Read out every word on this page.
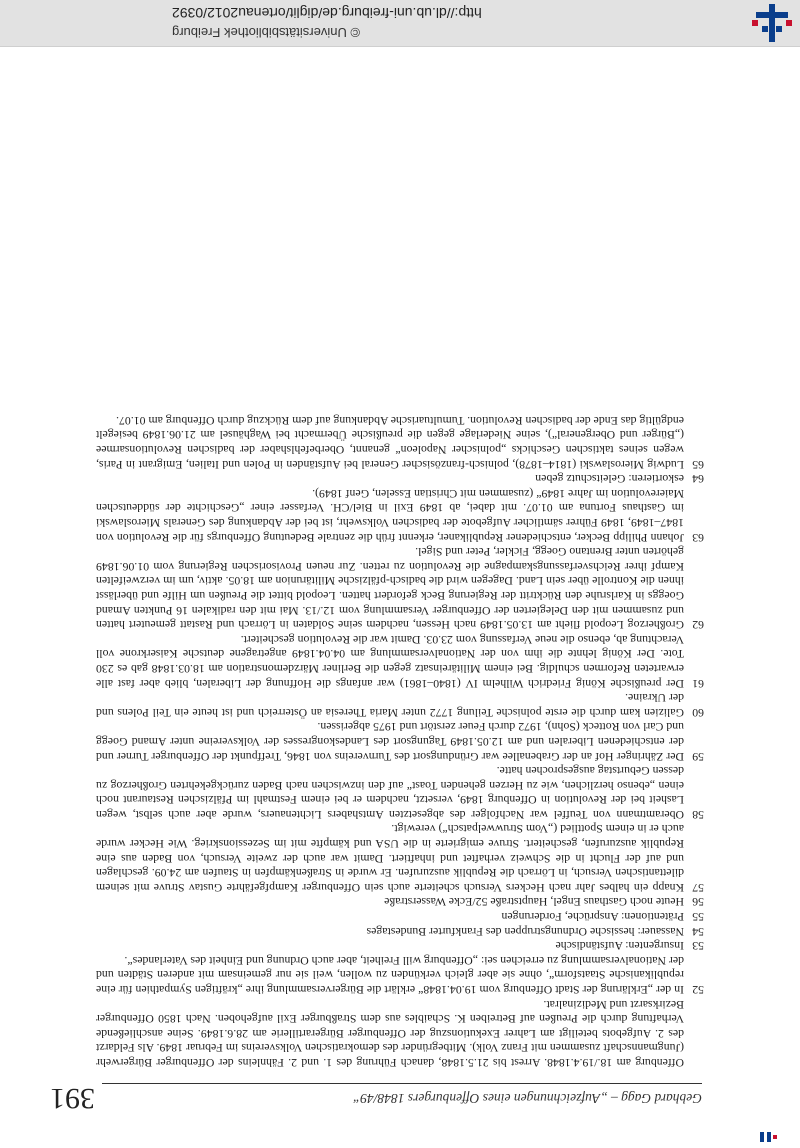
http://dl.ub.uni-freiburg.de/diglit/ortenau2012/0392
© Universitätsbibliothek Freiburg
391	Gebhard Gagg – „Aufzeichnungen eines Offenburgers 1848/49“

Offenburg am 18./19.4.1848. Arrest bis 21.5.1848, danach Führung des 1. und 2. Fähnleins der Offenburger Bürgerwehr (Jungmannschaft zusammen mit Franz Volk). Mitbegründer des demokratischen Volksvereins im Februar 1849. Als Feldarzt des 2. Aufgebots beteiligt am Lahrer Exekutionszug der Offenburger Bürgerartillerie am 28.6.1849. Seine anschließende Verhaftung durch die Preußen auf Betreiben K. Schaibles aus dem Straßburger Exil aufgehoben. Nach 1850 Offenburger Bezirksarzt und Medizinalrat.

52
In der „Erklärung der Stadt Offenburg vom 19.04.1848“ erklärt die Bürgerversammlung ihre „kräftigen Sympathien für eine republikanische Staatsform“, ohne sie aber gleich verkünden zu wollen, weil sie nur gemeinsam mit anderen Städten und der Nationalversammlung zu erreichen sei: „Offenburg will Freiheit, aber auch Ordnung und Einheit des Vaterlandes“.

53
Insurgenten: Aufständische

54
Nassauer: hessische Ordnungstruppen des Frankfurter Bundestages

55
Prätentionen: Ansprüche, Forderungen

56
Heute noch Gasthaus Engel, Hauptstraße 52/Ecke Wasserstraße

57
Knapp ein halbes Jahr nach Heckers Versuch scheiterte auch sein Offenburger Kampfgefährte Gustav Struve mit seinem dilettantischen Versuch, in Lörrach die Republik auszurufen. Er wurde in Straßenkämpfen in Staufen am 24.09. geschlagen und auf der Flucht in die Schweiz verhaftet und inhaftiert. Damit war auch der zweite Versuch, von Baden aus eine Republik auszurufen, gescheitert. Struve emigrierte in die USA und kämpfte mit im Sezessionskrieg. Wie Hecker wurde auch er in einem Spottlied („Vom Struwwelpatsch“) verewigt.

58
Oberamtmann von Teuffel war Nachfolger des abgesetzten Amtshabers Lichtenauers, wurde aber auch selbst, wegen Lasheit bei der Revolution in Offenburg 1849, versetzt, nachdem er bei einem Festmahl im Pfälzischen Restaurant noch einen „ebenso herzlichen, wie zu Herzen gehenden Toast“ auf den inzwischen nach Baden zurückgekehrten Großherzog zu dessen Geburtstag ausgesprochen hatte.

59
Der Zähringer Hof an der Grabenallee war Gründungsort des Turnvereins von 1846, Treffpunkt der Offenburger Turner und der entschiedenen Liberalen und am 12.05.1849 Tagungsort des Landeskongresses der Volksvereine unter Amand Goegg und Carl von Rotteck (Sohn), 1972 durch Feuer zerstört und 1975 abgerissen.

60
Galizien kam durch die erste polnische Teilung 1772 unter Maria Theresia an Österreich und ist heute ein Teil Polens und der Ukraine.

61
Der preußische König Friedrich Wilhelm IV (1840–1861) war anfangs die Hoffnung der Liberalen, blieb aber fast alle erwarteten Reformen schuldig. Bei einem Militäreinsatz gegen die Berliner Märzdemonstration am 18.03.1848 gab es 230 Tote. Der König lehnte die ihm von der Nationalversammlung am 04.04.1849 angetragene deutsche Kaiserkrone voll Verachtung ab, ebenso die neue Verfassung vom 23.03. Damit war die Revolution gescheitert.

62
Großherzog Leopold flieht am 13.05.1849 nach Hessen, nachdem seine Soldaten in Lörrach und Rastatt gemeutert hatten und zusammen mit den Delegierten der Offenburger Versammlung vom 12./13. Mai mit den radikalen 16 Punkten Amand Goeggs in Karlsruhe den Rücktritt der Regierung Beck gefordert hatten. Leopold bittet die Preußen um Hilfe und überlässt ihnen die Kontrolle über sein Land. Dagegen wird die badisch-pfälzische Militärunion am 18.05. aktiv, um im verzweifelten Kampf ihrer Reichsverfassungskampagne die Revolution zu retten. Zur neuen Provisorischen Regierung vom 01.06.1849 gehörten unter Brentano Goegg, Fickler, Peter und Sigel.

63
Johann Philipp Becker, entschiedener Republikaner, erkennt früh die zentrale Bedeutung Offenburgs für die Revolution von 1847–1849, 1849 Führer sämtlicher Aufgebote der badischen Volkswehr, ist bei der Abdankung des Generals Mieroslawski im Gasthaus Fortuna am 01.07. mit dabei, ab 1849 Exil in Biel/CH. Verfasser einer „Geschichte der süddeutschen Maierevolution im Jahre 1849“ (zusammen mit Christian Esselen, Genf 1849).

64
eskortieren: Geleitschutz geben

65
Ludwig Mieroslawski (1814–1878), polnisch-französischer General bei Aufständen in Polen und Italien, Emigrant in Paris, wegen seines taktischen Geschicks „polnischer Napoleon“ genannt, Oberbefehlshaber der badischen Revolutionsarmee („Bürger und Obergeneral“), seine Niederlage gegen die preußische Übermacht bei Waghäusel am 21.06.1849 besiegelt endgültig das Ende der badischen Revolution. Tumultuarische Abdankung auf dem Rückzug durch Offenburg am 01.07.
